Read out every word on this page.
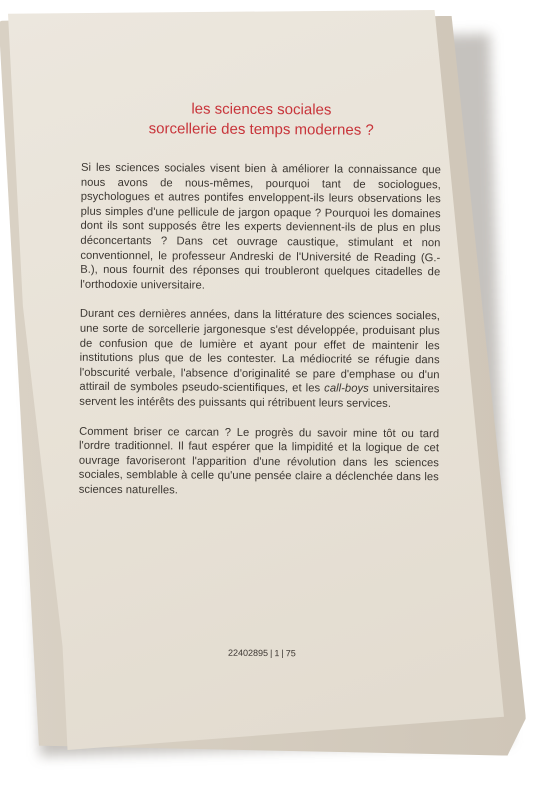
les sciences sociales
sorcellerie des temps modernes ?

Si les sciences sociales visent bien à améliorer la connaissance que nous avons de nous-mêmes, pourquoi tant de sociologues, psychologues et autres pontifes enveloppent-ils leurs observations les plus simples d'une pellicule de jargon opaque ? Pourquoi les domaines dont ils sont supposés être les experts deviennent-ils de plus en plus déconcertants ? Dans cet ouvrage caustique, stimulant et non conventionnel, le professeur Andreski de l'Université de Reading (G.-B.), nous fournit des réponses qui troubleront quelques citadelles de l'orthodoxie universitaire.

Durant ces dernières années, dans la littérature des sciences sociales, une sorte de sorcellerie jargonesque s'est développée, produisant plus de confusion que de lumière et ayant pour effet de maintenir les institutions plus que de les contester. La médiocrité se réfugie dans l'obscurité verbale, l'absence d'originalité se pare d'emphase ou d'un attirail de symboles pseudo-scientifiques, et les call-boys universitaires servent les intérêts des puissants qui rétribuent leurs services.

Comment briser ce carcan ? Le progrès du savoir mine tôt ou tard l'ordre traditionnel. Il faut espérer que la limpidité et la logique de cet ouvrage favoriseront l'apparition d'une révolution dans les sciences sociales, semblable à celle qu'une pensée claire a déclenchée dans les sciences naturelles.

22402895 | 1 | 75
